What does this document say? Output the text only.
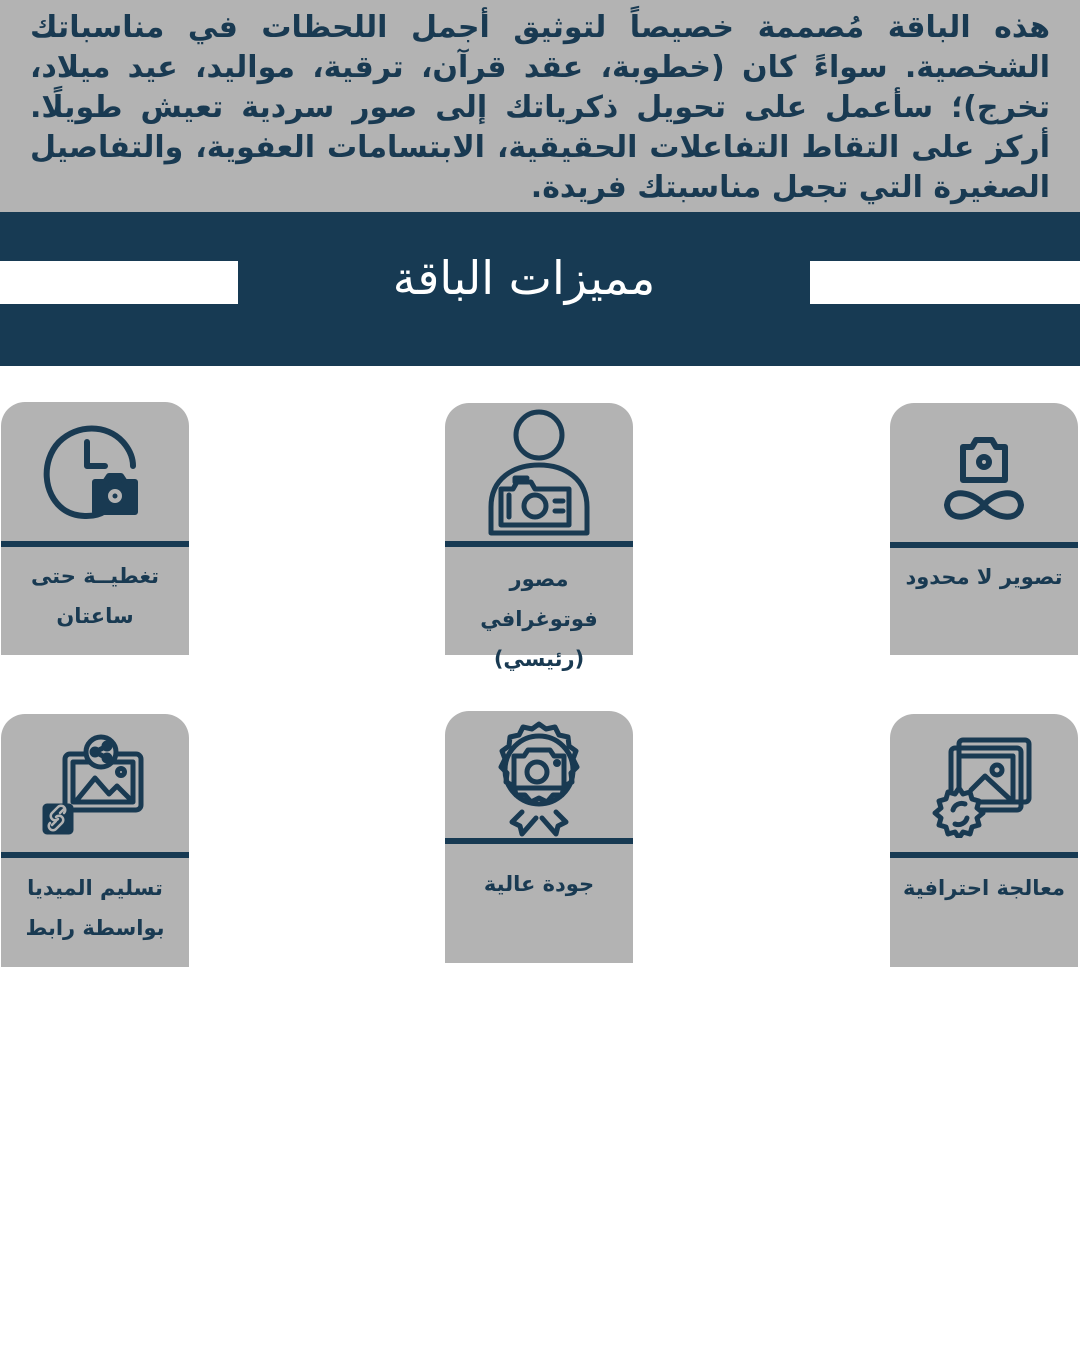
هذه الباقة مُصممة خصيصاً لتوثيق أجمل اللحظات في مناسباتك الشخصية. سواءً كان (خطوبة، عقد قرآن، ترقية، مواليد، عيد ميلاد، تخرج)؛ سأعمل على تحويل ذكرياتك إلى صور سردية تعيش طويلًا. أركز على التقاط التفاعلات الحقيقية، الابتسامات العفوية، والتفاصيل الصغيرة التي تجعل مناسبتك فريدة.

مميزات الباقة
تصوير لا محدود
مصور فوتوغرافي (رئيسي)
تغطيــة حتى ساعتان
معالجة احترافية
جودة عالية
تسليم الميديا بواسطة رابط
